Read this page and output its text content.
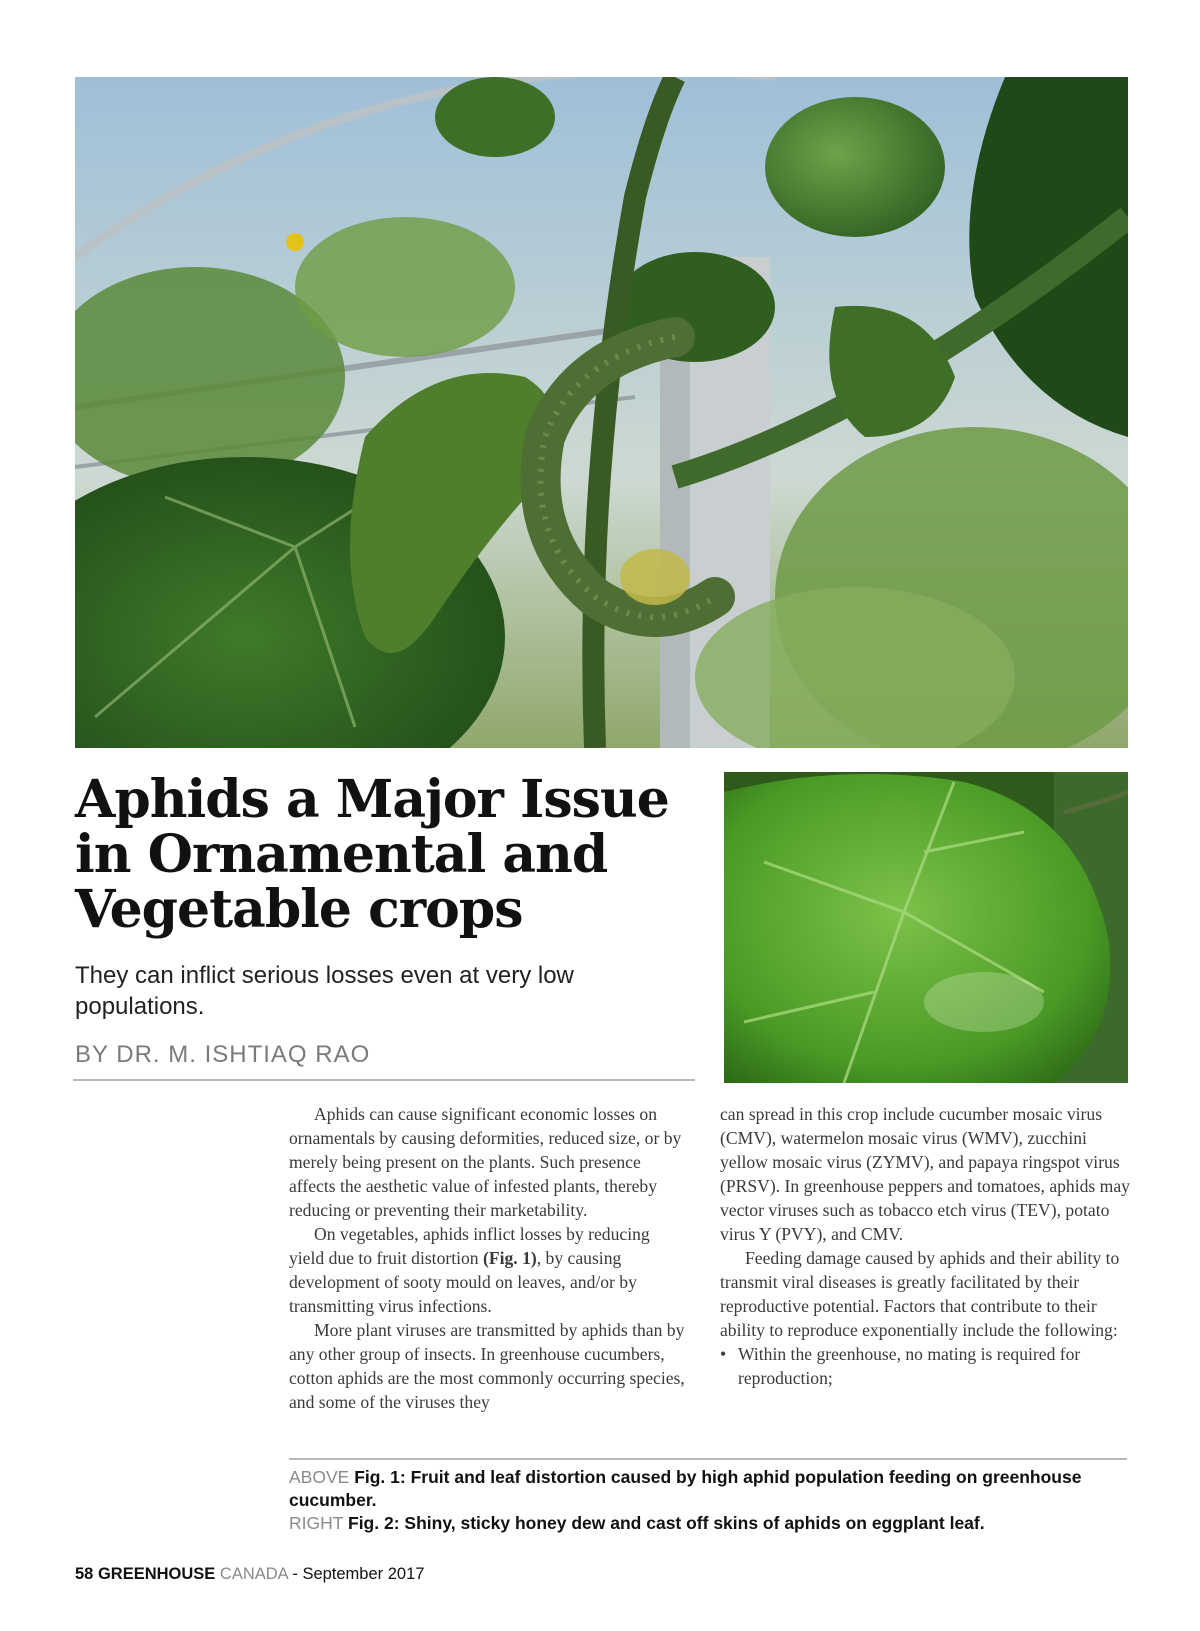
Aphids a Major Issue in Ornamental and Vegetable crops

They can inflict serious losses even at very low populations.

BY DR. M. ISHTIAQ RAO

Aphids can cause significant economic losses on ornamentals by causing deformities, reduced size, or by merely being present on the plants. Such presence affects the aesthetic value of infested plants, thereby reducing or preventing their marketability.

On vegetables, aphids inflict losses by reducing yield due to fruit distortion (Fig. 1), by causing development of sooty mould on leaves, and/or by transmitting virus infections.

More plant viruses are transmitted by aphids than by any other group of insects. In greenhouse cucumbers, cotton aphids are the most commonly occurring species, and some of the viruses they

can spread in this crop include cucumber mosaic virus (CMV), watermelon mosaic virus (WMV), zucchini yellow mosaic virus (ZYMV), and papaya ringspot virus (PRSV). In greenhouse peppers and tomatoes, aphids may vector viruses such as tobacco etch virus (TEV), potato virus Y (PVY), and CMV.

Feeding damage caused by aphids and their ability to transmit viral diseases is greatly facilitated by their reproductive potential. Factors that contribute to their ability to reproduce exponentially include the following:

• Within the greenhouse, no mating is required for reproduction;

ABOVE Fig. 1: Fruit and leaf distortion caused by high aphid population feeding on greenhouse cucumber.

RIGHT Fig. 2: Shiny, sticky honey dew and cast off skins of aphids on eggplant leaf.

58 GREENHOUSE CANADA - September 2017
